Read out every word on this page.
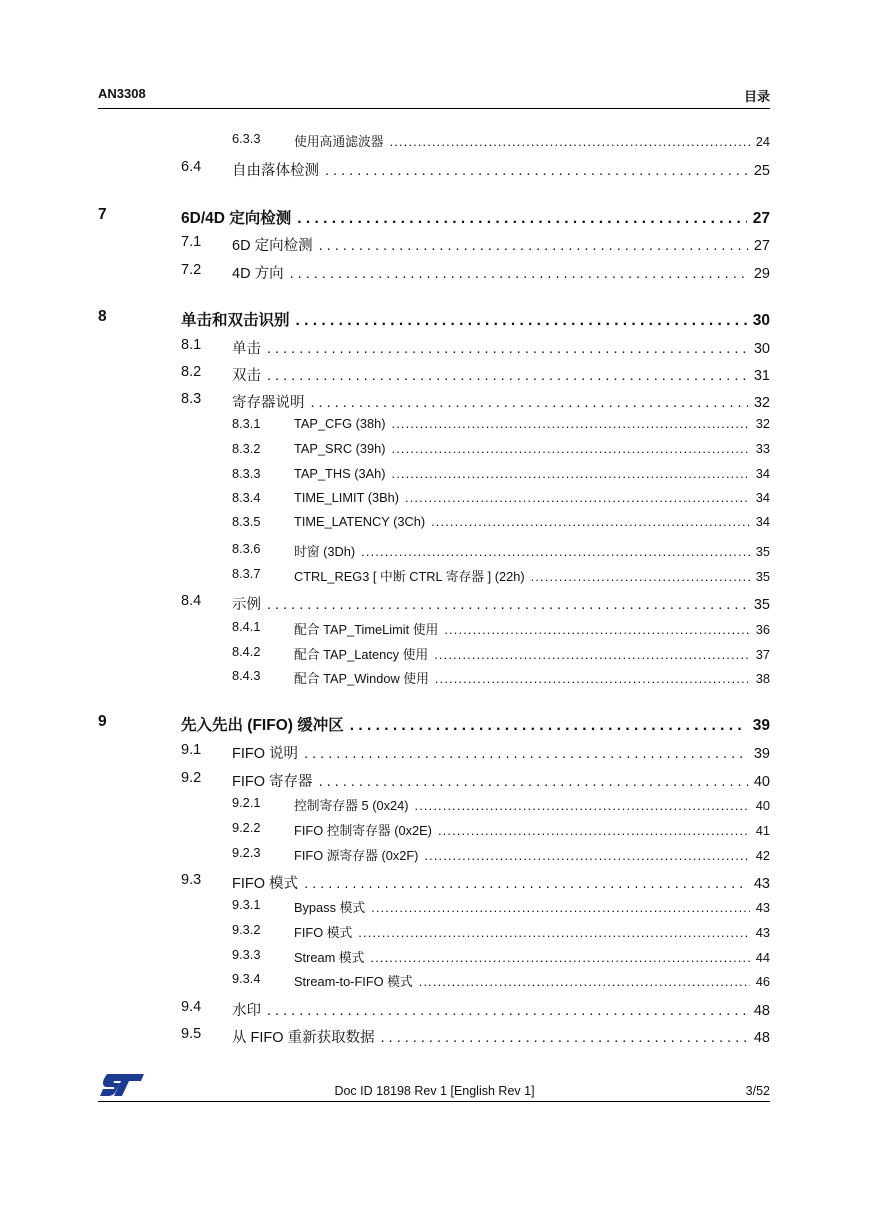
AN3308	目录
6.3.3	使用高通滤波器 . . .	24
6.4 自由落体检测 . . .	25
7	6D/4D 定向检测 . . .	27
7.1 6D 定向检测 . . .	27
7.2 4D 方向 . . .	29
8	单击和双击识别 . . .	30
8.1 单击 . . .	30
8.2 双击 . . .	31
8.3 寄存器说明 . . .	32
8.3.1	TAP_CFG (38h) . . .	32
8.3.2	TAP_SRC (39h) . . .	33
8.3.3	TAP_THS (3Ah) . . .	34
8.3.4	TIME_LIMIT (3Bh) . . .	34
8.3.5	TIME_LATENCY (3Ch) . . .	34
8.3.6	时窗 (3Dh) . . .	35
8.3.7	CTRL_REG3 [ 中断 CTRL 寄存器 ] (22h) . . .	35
8.4 示例 . . .	35
8.4.1	配合 TAP_TimeLimit 使用 . . .	36
8.4.2	配合 TAP_Latency 使用 . . .	37
8.4.3	配合 TAP_Window 使用 . . .	38
9	先入先出 (FIFO) 缓冲区 . . .	39
9.1 FIFO 说明 . . .	39
9.2 FIFO 寄存器 . . .	40
9.2.1	控制寄存器 5 (0x24) . . .	40
9.2.2	FIFO 控制寄存器 (0x2E) . . .	41
9.2.3	FIFO 源寄存器 (0x2F) . . .	42
9.3 FIFO 模式 . . .	43
9.3.1	Bypass 模式 . . .	43
9.3.2	FIFO 模式 . . .	43
9.3.3	Stream 模式 . . .	44
9.3.4	Stream-to-FIFO 模式 . . .	46
9.4 水印 . . .	48
9.5 从 FIFO 重新获取数据 . . .	48
Doc ID 18198 Rev 1 [English Rev 1]	3/52
